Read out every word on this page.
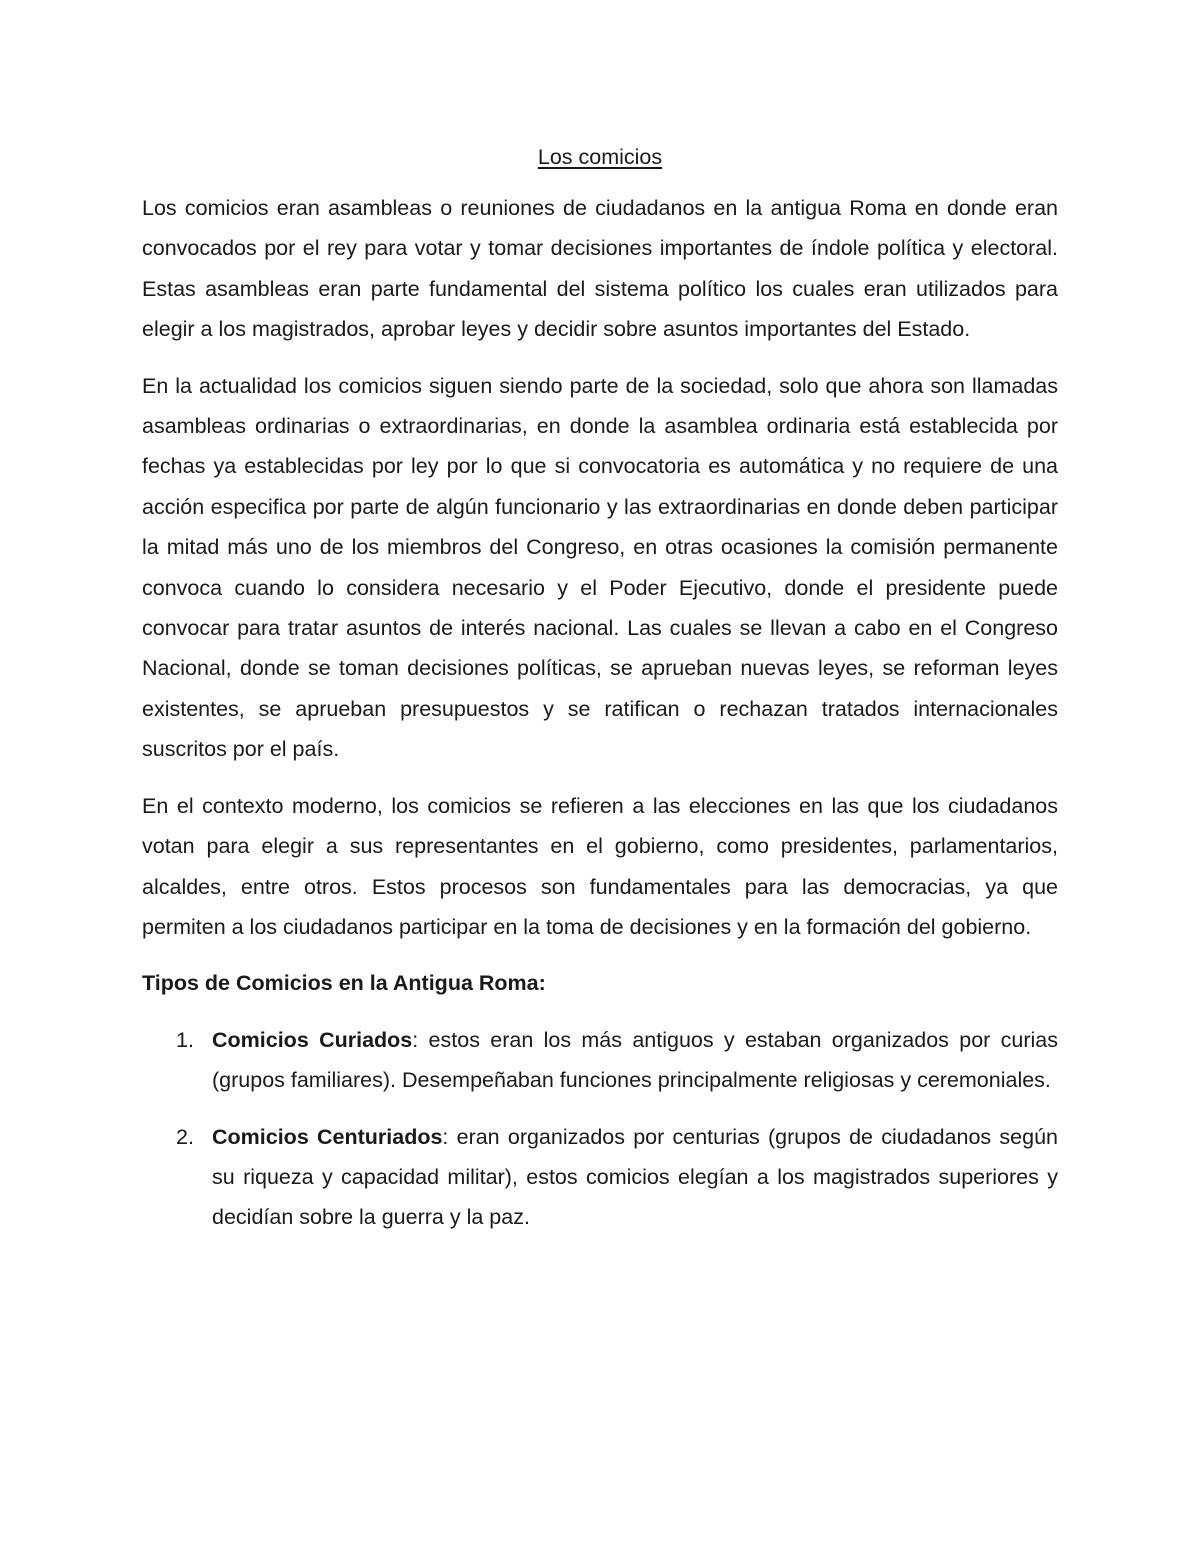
Los comicios

Los comicios eran asambleas o reuniones de ciudadanos en la antigua Roma en donde eran convocados por el rey para votar y tomar decisiones importantes de índole política y electoral. Estas asambleas eran parte fundamental del sistema político los cuales eran utilizados para elegir a los magistrados, aprobar leyes y decidir sobre asuntos importantes del Estado.

En la actualidad los comicios siguen siendo parte de la sociedad, solo que ahora son llamadas asambleas ordinarias o extraordinarias, en donde la asamblea ordinaria está establecida por fechas ya establecidas por ley por lo que si convocatoria es automática y no requiere de una acción especifica por parte de algún funcionario y las extraordinarias en donde deben participar la mitad más uno de los miembros del Congreso, en otras ocasiones la comisión permanente convoca cuando lo considera necesario y el Poder Ejecutivo, donde el presidente puede convocar para tratar asuntos de interés nacional. Las cuales se llevan a cabo en el Congreso Nacional, donde se toman decisiones políticas, se aprueban nuevas leyes, se reforman leyes existentes, se aprueban presupuestos y se ratifican o rechazan tratados internacionales suscritos por el país.

En el contexto moderno, los comicios se refieren a las elecciones en las que los ciudadanos votan para elegir a sus representantes en el gobierno, como presidentes, parlamentarios, alcaldes, entre otros. Estos procesos son fundamentales para las democracias, ya que permiten a los ciudadanos participar en la toma de decisiones y en la formación del gobierno.

Tipos de Comicios en la Antigua Roma:
1. Comicios Curiados: estos eran los más antiguos y estaban organizados por curias (grupos familiares). Desempeñaban funciones principalmente religiosas y ceremoniales.
2. Comicios Centuriados: eran organizados por centurias (grupos de ciudadanos según su riqueza y capacidad militar), estos comicios elegían a los magistrados superiores y decidían sobre la guerra y la paz.
